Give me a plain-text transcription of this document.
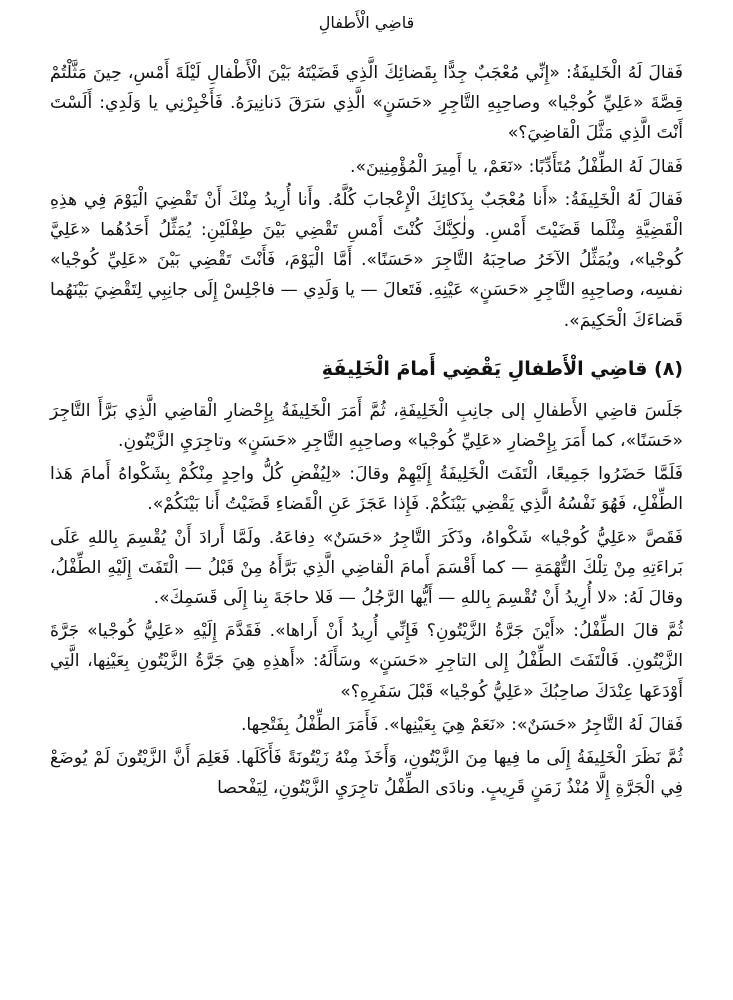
قاضِي الْأَطفالِ

فَقالَ لَهُ الْخَليفَةُ: «إِنِّي مُعْجَبٌ جِدًّا بِقَضائِكَ الَّذِي قَضَيْتَهُ بَيْنَ الْأَطْفالِ لَيْلَةَ أَمْسِ، حِينَ مَثَّلْتُمْ قِصَّةَ «عَلِيِّ كُوجْيا» وصاحِبِهِ التَّاجِرِ «حَسَنٍ» الَّذِي سَرَقَ دَنانِيرَهُ. فَأَخْبِرْنِي يا وَلَدِي: أَلَسْتَ أَنْتَ الَّذِي مَثَّلَ الْقاضِيَ؟»

فَقالَ لَهُ الطِّفْلُ مُتَأَدِّبًا: «نَعَمْ، يا أَمِيرَ الْمُؤْمِنِينَ».

فَقالَ لَهُ الْخَلِيفَةُ: «أَنا مُعْجَبٌ بِذَكائِكَ الْإِعْجابَ كُلَّهُ. وأَنا أُرِيدُ مِنْكَ أَنْ تَقْضِيَ الْيَوْمَ فِي هذِهِ الْقَضِيَّةِ مِثْلَما قَضَيْتَ أَمْسِ. ولٰكِنَّكَ كُنْتَ أَمْسِ تَقْضِي بَيْنَ طِفْلَيْنِ: يُمَثِّلُ أَحَدُهُما «عَلِيَّ كُوجْيا»، ويُمَثِّلُ الآخَرُ صاحِبَهُ التَّاجِرَ «حَسَنًا». أَمَّا الْيَوْمَ، فَأَنْتَ تَقْضِي بَيْنَ «عَلِيِّ كُوجْيا» نفسِه، وصاحِبِهِ التَّاجِرِ «حَسَنٍ» عَيْنِهِ. فَتَعالَ — يا وَلَدِي — فاجْلِسْ إِلَى جانِبِي لِتَقْضِيَ بَيْنَهُما قَضاءَكَ الْحَكِيمَ».

(٨) قاضِي الْأَطفالِ يَقْضِي أَمامَ الْخَلِيفَةِ

جَلَسَ قاضِي الأَطفالِ إلى جانِبِ الْخَلِيفَةِ، ثُمَّ أَمَرَ الْخَلِيفَةُ بِإِحْضارِ الْقاضِي الَّذِي بَرَّأَ التَّاجِرَ «حَسَنًا»، كما أَمَرَ بِإِحْضارِ «عَلِيِّ كُوجْيا» وصاحِبِهِ التَّاجِرِ «حَسَنٍ» وتاجِرَيِ الزَّيْتُونِ.

فَلَمَّا حَضَرُوا جَمِيعًا، الْتَفَتَ الْخَلِيفَةُ إِلَيْهِمْ وقالَ: «لِيُفْضِ كُلُّ واحِدٍ مِنْكُمْ بِشَكْواهُ أَمامَ هَذا الطِّفْلِ، فَهُوَ نَفْسُهُ الَّذِي يَقْضِي بَيْنَكُمْ. فَإِذا عَجَزَ عَنِ الْقَضاءِ قَضَيْتُ أَنا بَيْنَكُمْ».

فَقَصَّ «عَلِيُّ كُوجْيا» شَكْواهُ، وذَكَرَ التَّاجِرُ «حَسَنٌ» دِفاعَهُ. ولَمَّا أَرادَ أَنْ يُقْسِمَ بِاللهِ عَلَى بَراءَتِهِ مِنْ تِلْكَ التُّهْمَةِ — كما أَقْسَمَ أَمامَ الْقاضِي الَّذِي بَرَّأَهُ مِنْ قَبْلُ — الْتَفَتَ إِلَيْهِ الطِّفْلُ، وقالَ لَهُ: «لا أُرِيدُ أَنْ تُقْسِمَ بِاللهِ — أَيُّها الرَّجُلُ — فَلا حاجَةَ بِنا إِلَى قَسَمِكَ».

ثُمَّ قالَ الطِّفْلُ: «أَيْنَ جَرَّةُ الزَّيْتُونِ؟ فَإِنِّي أُرِيدُ أَنْ أَراها». فَقَدَّمَ إِلَيْهِ «عَلِيُّ كُوجْيا» جَرَّةَ الزَّيْتُونِ. فَالْتَفَتَ الطِّفْلُ إِلى التاجِرِ «حَسَنٍ» وسَأَلَهُ: «أَهذِهِ هِيَ جَرَّةُ الزَّيْتُونِ بِعَيْنِها، الَّتِي أَوْدَعَها عِنْدَكَ صاحِبُكَ «عَلِيُّ كُوجْيا» قَبْلَ سَفَرِهِ؟»

فَقالَ لَهُ التَّاجِرُ «حَسَنٌ»: «نَعَمْ هِيَ بِعَيْنِها». فَأَمَرَ الطِّفْلُ بِفَتْحِها.

ثُمَّ نَظَرَ الْخَلِيفَةُ إِلَى ما فِيها مِنَ الزَّيْتُونِ، وَأَخَذَ مِنْهُ زَيْتُونَةً فَأَكَلَها. فَعَلِمَ أَنَّ الزَّيْتُونَ لَمْ يُوضَعْ فِي الْجَرَّةِ إِلَّا مُنْذُ زَمَنٍ قَرِيبٍ. ونادَى الطِّفْلُ تاجِرَيِ الزَّيْتُونِ، لِيَفْحصا
